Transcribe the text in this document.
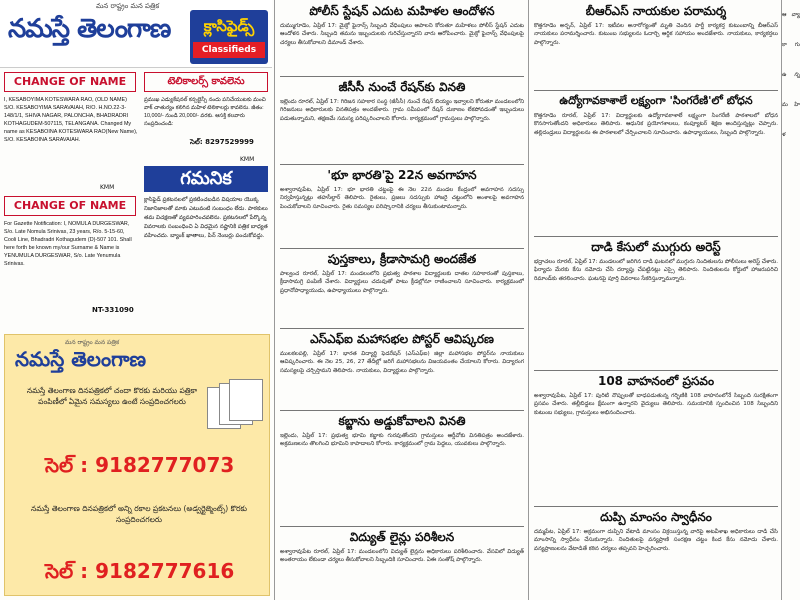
మన రాష్ట్రం మన పత్రిక
నమస్తే తెలంగాణ	క్లాసిఫైడ్స్
Classifieds
CHANGE OF NAME
I, KESABOYIMA KOTESWARA RAO, (OLD NAME) S/O. KESABOYIMA SARAVAIAH, R/O. H.NO.22-3-148/1/1, SHIVA NAGAR, PALONCHA, BHADRADRI KOTHAGUDEM-507115, TELANGANA. Changed My name as KESABOINA KOTESWARA RAO(New Name), S/O. KESABOINA SARAVAIAH.
KMM
CHANGE OF NAME
For Gazette Notification: I, NOMULA DURGESWAR, S/o. Late Nomula Srinivas, 23 years, R/o. 5-15-60, Cooli Line, Bhadradri Kothagudem (D)-507 101. Shall here forth be known my/our Surname & Name is YENUMULA DURGESWAR, S/o. Late Yenumula Srinivas.
NT-331090
టెలికాలర్స్ కావలెను
ప్రముఖ ఎడ్యుకేషనల్ కన్సల్టెన్సీ నందు పనిచేయుటకు మంచి వాక్ చాతుర్యం కలిగిన మహిళ టెలికాలర్లు కావలెను. జీతం: 10,000/- నుండి 20,000/- వరకు. ఆసక్తి కలవారు సంప్రదించండి:
సెల్: 8297529999
KMM
గమనిక
క్లాసిఫైడ్ ప్రకటనలలో ప్రకటించబడిన విషయాల యొక్క నిజానిజాలతో మాకు ఎటువంటి సంబంధం లేదు. పాఠకులు తమ విచక్షణతో వ్యవహరించవలెను. ప్రకటనలలో పేర్కొన్న వివరాలకు సంబంధించి ఏ విధమైన నష్టానికి పత్రిక బాధ్యత వహించదు. బ్యాంక్ ఖాతాలు, పిన్ నెంబర్లు పంచుకోవద్దు.
మన రాష్ట్రం మన పత్రిక
నమస్తే తెలంగాణ
నమస్తే తెలంగాణ దినపత్రికలో చందా కొరకు మరియు పత్రికా పంపిణీలో ఏమైన సమస్యలు ఉంటే సంప్రదించగలరు
సెల్ : 9182777073
నమస్తే తెలంగాణ దినపత్రికలో అన్ని రకాల ప్రకటనలు (అడ్వర్టైజ్మెంట్స్) కొరకు సంప్రదించగలరు
సెల్ : 9182777616
పోలీస్ స్టేషన్ ఎదుట మహిళల ఆందోళన
దుమ్ముగూడెం, ఏప్రిల్ 17: మైక్రో ఫైనాన్స్ సిబ్బంది వేధింపులు ఆపాలని కోరుతూ మహిళలు పోలీస్ స్టేషన్ ఎదుట ఆందోళన చేశారు. సిబ్బంది తమను ఇబ్బందులకు గురిచేస్తున్నారని వారు ఆరోపించారు. మైక్రో ఫైనాన్స్ వేధింపులపై చర్యలు తీసుకోవాలని డిమాండ్ చేశారు.
జీసీసీ నుంచే రేషన్‌కు వినతి
ఇల్లెందు రూరల్, ఏప్రిల్ 17: గిరిజన సహకార సంస్థ (జీసీసీ) నుంచే రేషన్ బియ్యం ఇవ్వాలని కోరుతూ మండలంలోని గిరిజనులు అధికారులకు వినతిపత్రం అందజేశారు. గ్రామ సమీపంలో రేషన్ దుకాణం లేకపోవడంతో ఇబ్బందులు పడుతున్నామని, తక్షణమే సమస్య పరిష్కరించాలని కోరారు. కార్యక్రమంలో గ్రామస్తులు పాల్గొన్నారు.
'భూ భారతి'పై 22న అవగాహన
అశ్వారావుపేట, ఏప్రిల్ 17: భూ భారతి చట్టంపై ఈ నెల 22న మండల కేంద్రంలో అవగాహన సదస్సు నిర్వహిస్తున్నట్లు తహసీల్దార్ తెలిపారు. రైతులు, ప్రజలు సదస్సుకు హాజరై చట్టంలోని అంశాలపై అవగాహన పెంచుకోవాలని సూచించారు. రైతు సమస్యల పరిష్కారానికి చర్యలు తీసుకుంటామన్నారు.
పుస్తకాలు, క్రీడాసామగ్రి అందజేత
పాల్వంచ రూరల్, ఏప్రిల్ 17: మండలంలోని ప్రభుత్వ పాఠశాల విద్యార్థులకు దాతల సహకారంతో పుస్తకాలు, క్రీడాసామగ్రి పంపిణీ చేశారు. విద్యార్థులు చదువుతో పాటు క్రీడల్లోనూ రాణించాలని సూచించారు. కార్యక్రమంలో ప్రధానోపాధ్యాయుడు, ఉపాధ్యాయులు పాల్గొన్నారు.
ఎస్ఎఫ్ఐ మహాసభల పోస్టర్ ఆవిష్కరణ
ములకలపల్లి, ఏప్రిల్ 17: భారత విద్యార్థి ఫెడరేషన్ (ఎస్ఎఫ్ఐ) జిల్లా మహాసభల పోస్టర్‌ను నాయకులు ఆవిష్కరించారు. ఈ నెల 25, 26, 27 తేదీల్లో జరిగే మహాసభలను విజయవంతం చేయాలని కోరారు. విద్యారంగ సమస్యలపై చర్చిస్తామని తెలిపారు. నాయకులు, విద్యార్థులు పాల్గొన్నారు.
కబ్జాను అడ్డుకోవాలని వినతి
ఇల్లెందు, ఏప్రిల్ 17: ప్రభుత్వ భూమి కబ్జాకు గురవుతోందని గ్రామస్తులు ఆర్డీవోకు వినతిపత్రం అందజేశారు. అక్రమణలను తొలగించి భూమిని కాపాడాలని కోరారు. కార్యక్రమంలో గ్రామ పెద్దలు, యువకులు పాల్గొన్నారు.
విద్యుత్ లైన్లు పరిశీలన
అశ్వారావుపేట రూరల్, ఏప్రిల్ 17: మండలంలోని విద్యుత్ లైన్లను అధికారులు పరిశీలించారు. వేసవిలో విద్యుత్ అంతరాయం లేకుండా చర్యలు తీసుకోవాలని సిబ్బందికి సూచించారు. ఏఈ సంతోష్ పాల్గొన్నారు.
బీఆర్ఎస్ నాయకుల పరామర్శ
కొత్తగూడెం అర్బన్, ఏప్రిల్ 17: ఇటీవల అనారోగ్యంతో మృతి చెందిన పార్టీ కార్యకర్త కుటుంబాన్ని బీఆర్ఎస్ నాయకులు పరామర్శించారు. కుటుంబ సభ్యులను ఓదార్చి ఆర్థిక సహాయం అందజేశారు. నాయకులు, కార్యకర్తలు పాల్గొన్నారు.
ఉద్యోగావకాశాలే లక్ష్యంగా 'సింగరేణి'లో బోధన
కొత్తగూడెం రూరల్, ఏప్రిల్ 17: విద్యార్థులకు ఉద్యోగావకాశాలే లక్ష్యంగా సింగరేణి పాఠశాలలో బోధన కొనసాగుతోందని అధికారులు తెలిపారు. ఆధునిక ప్రయోగశాలలు, కంప్యూటర్ శిక్షణ అందిస్తున్నట్లు చెప్పారు. తల్లిదండ్రులు విద్యార్థులను ఈ పాఠశాలలో చేర్పించాలని సూచించారు. ఉపాధ్యాయులు, సిబ్బంది పాల్గొన్నారు.
దాడి కేసులో ముగ్గురు అరెస్ట్
భద్రాచలం రూరల్, ఏప్రిల్ 17: మండలంలో జరిగిన దాడి ఘటనలో ముగ్గురు నిందితులను పోలీసులు అరెస్ట్ చేశారు. ఫిర్యాదు మేరకు కేసు నమోదు చేసి దర్యాప్తు చేపట్టినట్లు ఎస్సై తెలిపారు. నిందితులను కోర్టులో హాజరుపరిచి రిమాండ్‌కు తరలించారు. ఘటనపై పూర్తి వివరాలు సేకరిస్తున్నామన్నారు.
108 వాహనంలో ప్రసవం
అశ్వారావుపేట, ఏప్రిల్ 17: పురిటి నొప్పులతో బాధపడుతున్న గర్భిణికి 108 వాహనంలోనే సిబ్బంది సురక్షితంగా ప్రసవం చేశారు. తల్లీబిడ్డలు క్షేమంగా ఉన్నారని వైద్యులు తెలిపారు. సమయానికి స్పందించిన 108 సిబ్బందిని కుటుంబ సభ్యులు, గ్రామస్తులు అభినందించారు.
దుప్పి మాంసం స్వాధీనం
దమ్మపేట, ఏప్రిల్ 17: అక్రమంగా దుప్పిని వేటాడి మాంసం విక్రయిస్తున్న వారిపై అటవీశాఖ అధికారులు దాడి చేసి మాంసాన్ని స్వాధీనం చేసుకున్నారు. నిందితులపై వన్యప్రాణి సంరక్షణ చట్టం కింద కేసు నమోదు చేశారు. వన్యప్రాణులను వేటాడితే కఠిన చర్యలు తప్పవని హెచ్చరించారు.
ఆ వ్యా కా గు ఉ న్న మ హి ళ
